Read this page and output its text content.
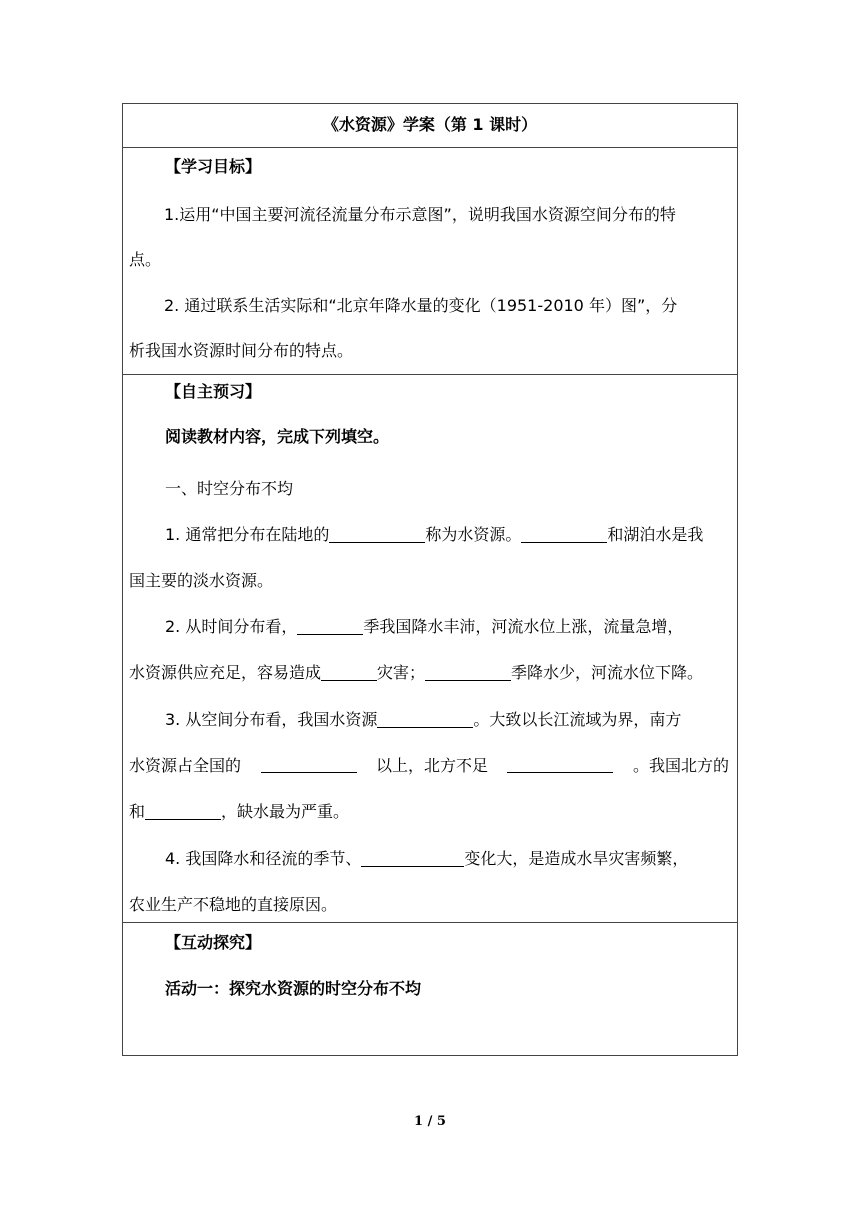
《水资源》学案（第 1 课时）
【学习目标】
1.运用“中国主要河流径流量分布示意图”，说明我国水资源空间分布的特
点。
2. 通过联系生活实际和“北京年降水量的变化（1951-2010 年）图”，分
析我国水资源时间分布的特点。
【自主预习】
阅读教材内容，完成下列填空。
一、时空分布不均
1. 通常把分布在陆地的	称为水资源。	和湖泊水是我
国主要的淡水资源。
2. 从时间分布看，	季我国降水丰沛，河流水位上涨，流量急增，
水资源供应充足，容易造成	灾害；	季降水少，河流水位下降。
3. 从空间分布看，我国水资源	。大致以长江流域为界，南方
水资源占全国的	以上，北方不足	。我国北方的
和	，缺水最为严重。
4. 我国降水和径流的季节、	变化大，是造成水旱灾害频繁，
农业生产不稳地的直接原因。
【互动探究】
活动一：探究水资源的时空分布不均
1 / 5
